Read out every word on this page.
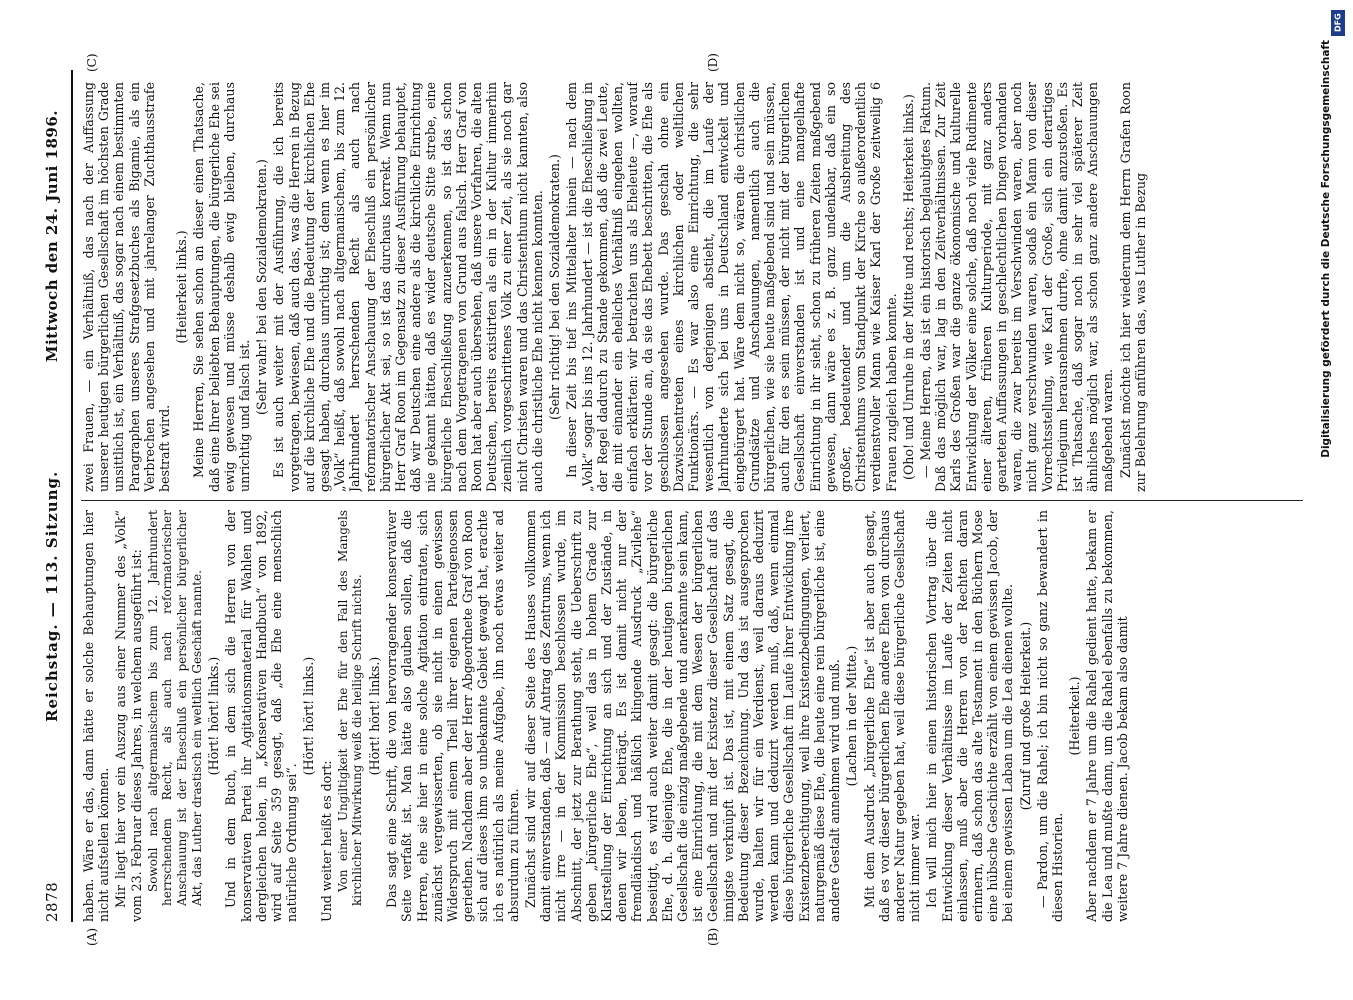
2878
Reichstag. — 113. Sitzung.
Mittwoch den 24. Juni 1896.
(A)	(B)
(C)	(D)

haben. Wäre er das, dann hätte er solche Behauptungen hier nicht aufstellen können. Mir liegt hier vor ein Auszug aus einer Nummer des „Volk“ vom 23. Februar dieses Jahres, in welchem ausgeführt ist: Sowohl nach altgermanischem bis zum 12. Jahrhundert herrschendem Recht, als auch nach reformatorischer Anschauung ist der Eheschluß ein persönlicher bürgerlicher Akt, das Luther drastisch ein weltlich Geschäft nannte. (Hört! hört! links.) Und in dem Buch, in dem sich die Herren von der konservativen Partei ihr Agitationsmaterial für Wahlen und dergleichen holen, in „Konservativen Handbuch“ von 1892, wird auf Seite 359 gesagt, daß „die Ehe eine menschlich natürliche Ordnung sei“.

(Hört! hört! links.)

Und weiter heißt es dort: Von einer Ungiltigkeit der Ehe für den Fall des Mangels kirchlicher Mitwirkung weiß die heilige Schrift nichts. (Hört! hört! links.) Das sagt eine Schrift, die von hervorragender konservativer Seite verfaßt ist. Man hätte also glauben sollen, daß die Herren, ehe sie hier in eine solche Agitation eintraten, sich zunächst vergewisserten, ob sie nicht in einen gewissen Widerspruch mit einem Theil ihrer eigenen Parteigenossen geriethen. Nachdem aber der Herr Abgeordnete Graf von Roon sich auf dieses ihm so unbekannte Gebiet gewagt hat, erachte ich es natürlich als meine Aufgabe, ihn noch etwas weiter ad absurdum zu führen. Zunächst sind wir auf dieser Seite des Hauses vollkommen damit einverstanden, daß — auf Antrag des Zentrums, wenn ich nicht irre — in der Kommission beschlossen wurde, im Abschnitt, der jetzt zur Berathung steht, die Ueberschrift zu geben „bürgerliche Ehe“, weil das in hohem Grade zur Klarstellung der Einrichtung an sich und der Zustände, in denen wir leben, beiträgt. Es ist damit nicht nur der fremdländisch und häßlich klingende Ausdruck „Zivilehe“ beseitigt, es wird auch weiter damit gesagt: die bürgerliche Ehe, d. h. diejenige Ehe, die in der heutigen bürgerlichen Gesellschaft die einzig maßgebende und anerkannte sein kann, ist eine Einrichtung, die mit dem Wesen der bürgerlichen Gesellschaft und mit der Existenz dieser Gesellschaft auf das innigste verknüpft ist. Das ist, mit einem Satz gesagt, die Bedeutung dieser Bezeichnung. Und das ist ausgesprochen wurde, halten wir für ein Verdienst, weil daraus deduzirt werden kann und deduzirt werden muß, daß, wenn einmal diese bürgerliche Gesellschaft im Laufe ihrer Entwicklung ihre Existenzberechtigung, weil ihre Existenzbedingungen, verliert, naturgemäß diese Ehe, die heute eine rein bürgerliche ist, eine andere Gestalt annehmen wird und muß. (Lachen in der Mitte.) Mit dem Ausdruck „bürgerliche Ehe“ ist aber auch gesagt, daß es vor dieser bürgerlichen Ehe andere Ehen von durchaus anderer Natur gegeben hat, weil diese bürgerliche Gesellschaft nicht immer war. Ich will mich hier in einen historischen Vortrag über die Entwicklung dieser Verhältnisse im Laufe der Zeiten nicht einlassen, muß aber die Herren von der Rechten daran erinnern, daß schon das alte Testament in den Büchern Mose eine hübsche Geschichte erzählt von einem gewissen Jacob, der bei einem gewissen Laban um die Lea dienen wollte. (Zuruf und große Heiterkeit.) — Pardon, um die Rahel; ich bin nicht so ganz bewandert in diesen Historien.

(Heiterkeit.) Aber nachdem er 7 Jahre um die Rahel gedient hatte, bekam er die Lea und mußte dann, um die Rahel ebenfalls zu bekommen, weitere 7 Jahre dienen. Jacob bekam also damit

zwei Frauen, — ein Verhältniß, das nach der Auffassung unserer heutigen bürgerlichen Gesellschaft im höchsten Grade unsittlich ist, ein Verhältniß, das sogar nach einem bestimmten Paragraphen unseres Strafgesetzbuches als Bigamie, als ein Verbrechen angesehen und mit jahrelanger Zuchthausstrafe bestraft wird.

(Heiterkeit links.) Meine Herren, Sie sehen schon an dieser einen Thatsache, daß eine Ihrer beliebten Behauptungen, die bürgerliche Ehe sei ewig gewesen und müsse deshalb ewig bleiben, durchaus unrichtig und falsch ist.

(Sehr wahr! bei den Sozialdemokraten.) Es ist auch weiter mit der Ausführung, die ich bereits vorgetragen, bewiesen, daß auch das, was die Herren in Bezug auf die kirchliche Ehe und die Bedeutung der kirchlichen Ehe gesagt haben, durchaus unrichtig ist; denn wenn es hier im „Volk“ heißt, daß sowohl nach altgermanischem, bis zum 12. Jahrhundert herrschenden Recht als auch nach reformatorischer Anschauung der Eheschluß ein persönlicher bürgerlicher Akt sei, so ist das durchaus korrekt. Wenn nun Herr Graf Roon im Gegensatz zu dieser Ausführung behauptet, daß wir Deutschen eine andere als die kirchliche Einrichtung nie gekannt hätten, daß es wider deutsche Sitte strebe, eine bürgerliche Eheschließung anzuerkennen, so ist das schon nach dem Vorgetragenen von Grund aus falsch. Herr Graf von Roon hat aber auch übersehen, daß unsere Vorfahren, die alten Deutschen, bereits existirten als ein in der Kultur immerhin ziemlich vorgeschrittenes Volk zu einer Zeit, als sie noch gar nicht Christen waren und das Christenthum nicht kannten, also auch die christliche Ehe nicht kennen konnten. (Sehr richtig! bei den Sozialdemokraten.) In dieser Zeit bis tief ins Mittelalter hinein — nach dem „Volk“ sogar bis ins 12. Jahrhundert — ist die Eheschließung in der Regel dadurch zu Stande gekommen, daß die zwei Leute, die mit einander ein eheliches Verhältniß eingehen wollten, einfach erklärten: wir betrachten uns als Eheleute —, worauf vor der Stunde an, da sie das Ehebett beschritten, die Ehe als geschlossen angesehen wurde. Das geschah ohne ein Dazwischentreten eines kirchlichen oder weltlichen Funktionärs. — Es war also eine Einrichtung, die sehr wesentlich von derjenigen abstieht, die im Laufe der Jahrhunderte sich bei uns in Deutschland entwickelt und eingebürgert hat. Wäre dem nicht so, wären die christlichen Grundsätze und Anschauungen, namentlich auch die bürgerlichen, wie sie heute maßgebend sind und sein müssen, auch für den es sein müssen, der nicht mit der bürgerlichen Gesellschaft einverstanden ist und eine mangelhafte Einrichtung in ihr sieht, schon zu früheren Zeiten maßgebend gewesen, dann wäre es z. B. ganz undenkbar, daß ein so großer, bedeutender und um die Ausbreitung des Christenthums vom Standpunkt der Kirche so außerordentlich verdienstvoller Mann wie Kaiser Karl der Große zeitweilig 6 Frauen zugleich haben konnte. (Oho! und Unruhe in der Mitte und rechts; Heiterkeit links.) — Meine Herren, das ist ein historisch beglaubigtes Faktum. Daß das möglich war, lag in den Zeitverhältnissen. Zur Zeit Karls des Großen war die ganze ökonomische und kulturelle Entwicklung der Völker eine solche, daß noch viele Rudimente einer älteren, früheren Kulturperiode, mit ganz anders gearteten Auffassungen in geschlechtlichen Dingen vorhanden waren, die zwar bereits im Verschwinden waren, aber noch nicht ganz verschwunden waren, sodaß ein Mann von dieser Vorrechtsstellung, wie Karl der Große, sich ein derartiges Privilegium herausnehmen durfte, ohne damit anzustoßen. Es ist Thatsache, daß sogar noch in sehr viel späterer Zeit ähnliches möglich war, als schon ganz andere Anschauungen maßgebend waren. Zunächst möchte ich hier wiederum dem Herrn Grafen Roon zur Belehrung anführen das, was Luther in Bezug

DFG
Digitalisierung gefördert durch die Deutsche Forschungsgemeinschaft
